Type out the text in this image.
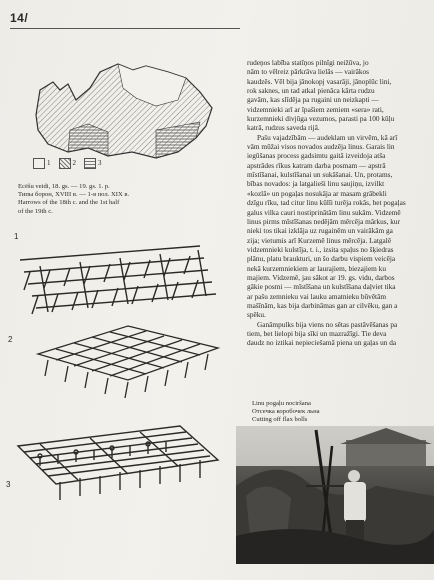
14/
1	2	3
Ecēšu veidi, 18. gs. — 19. gs. 1. p.
Типы борон, XVIII в. — 1-я пол. XIX в.
Harrows of the 18th c. and the 1st half
of the 19th c.
1
2
3

rudeņos labība statīņos pilnīgi neižūva, jo
nām to vēlreiz pārkrāva lielās — vairākos
kaudzēs. Vēl bija jānokopj vasarāji, jānoplūc lini,
rok saknes, un tad atkal pienāca kārta rudzu
gavām, kas slīdēja pa rugaini un neizkapti —
vidzemnieki arī ar īpašiem zemiem «sera» rati,
kurzemnieki divjūga vezumos, parasti pa 100 kūļu
katrā, rudzus saveda rijā.

Pašu vajadzībām — audeklam un virvēm, kā arī
vām mūžai visos novados audzēja linus. Garais lin
iegūšanas process gadsimtu gaitā izveidoja atša
apstrādes rīkus katram darba posmam — apstrā
mīstīšanai, kulstīšanai un sukāšanai. Un, protams,
bības novados: ja latgalieši linu saujiņu, izvilkt
«kozlā» un pogaļas nosukāja ar masam grābekli
dzīgu rīku, tad citur linu kūlīi turēja rokās, bet pogaļas
galus vilka cauri nostiprinātām linu sukām. Vidzemē
linus pirms mīstīšanas nedējām mērcēja mārkus, kur
nieki tos tikai izklāja uz rugainēm un vairākām ga
zija; vietumis arī Kurzemē linus mērcēja. Latgalē
vidzemnieki kulstīja, t. i., izsita spaļus no šķiedras
plānu, platu braukturi, un šo darbu vispiem veicēja
nekā kurzemniekiem ar laurajiem, biezajiem ku
majiem. Vidzemē, jau sākot ar 19. gs. vidu, darbos
gākie posmi — mīstīšana un kulstīšana daļviet tika
ar pašu zemnieku vai lauku amatnieku būvētām
mašīnām, kas bija darbināmas gan ar cilvēku, gan a
spēku.

Ganāmpulks bija viens no sētas pastāvēšanas pa
tiem, bet lielopi bija sīki un mazražīgi. Tie deva
daudz no iztikai nepieciešamā piena un gaļas un da

Linu pogaļu nociršana
Отсечка коробочек льна
Cutting off flax bolls
